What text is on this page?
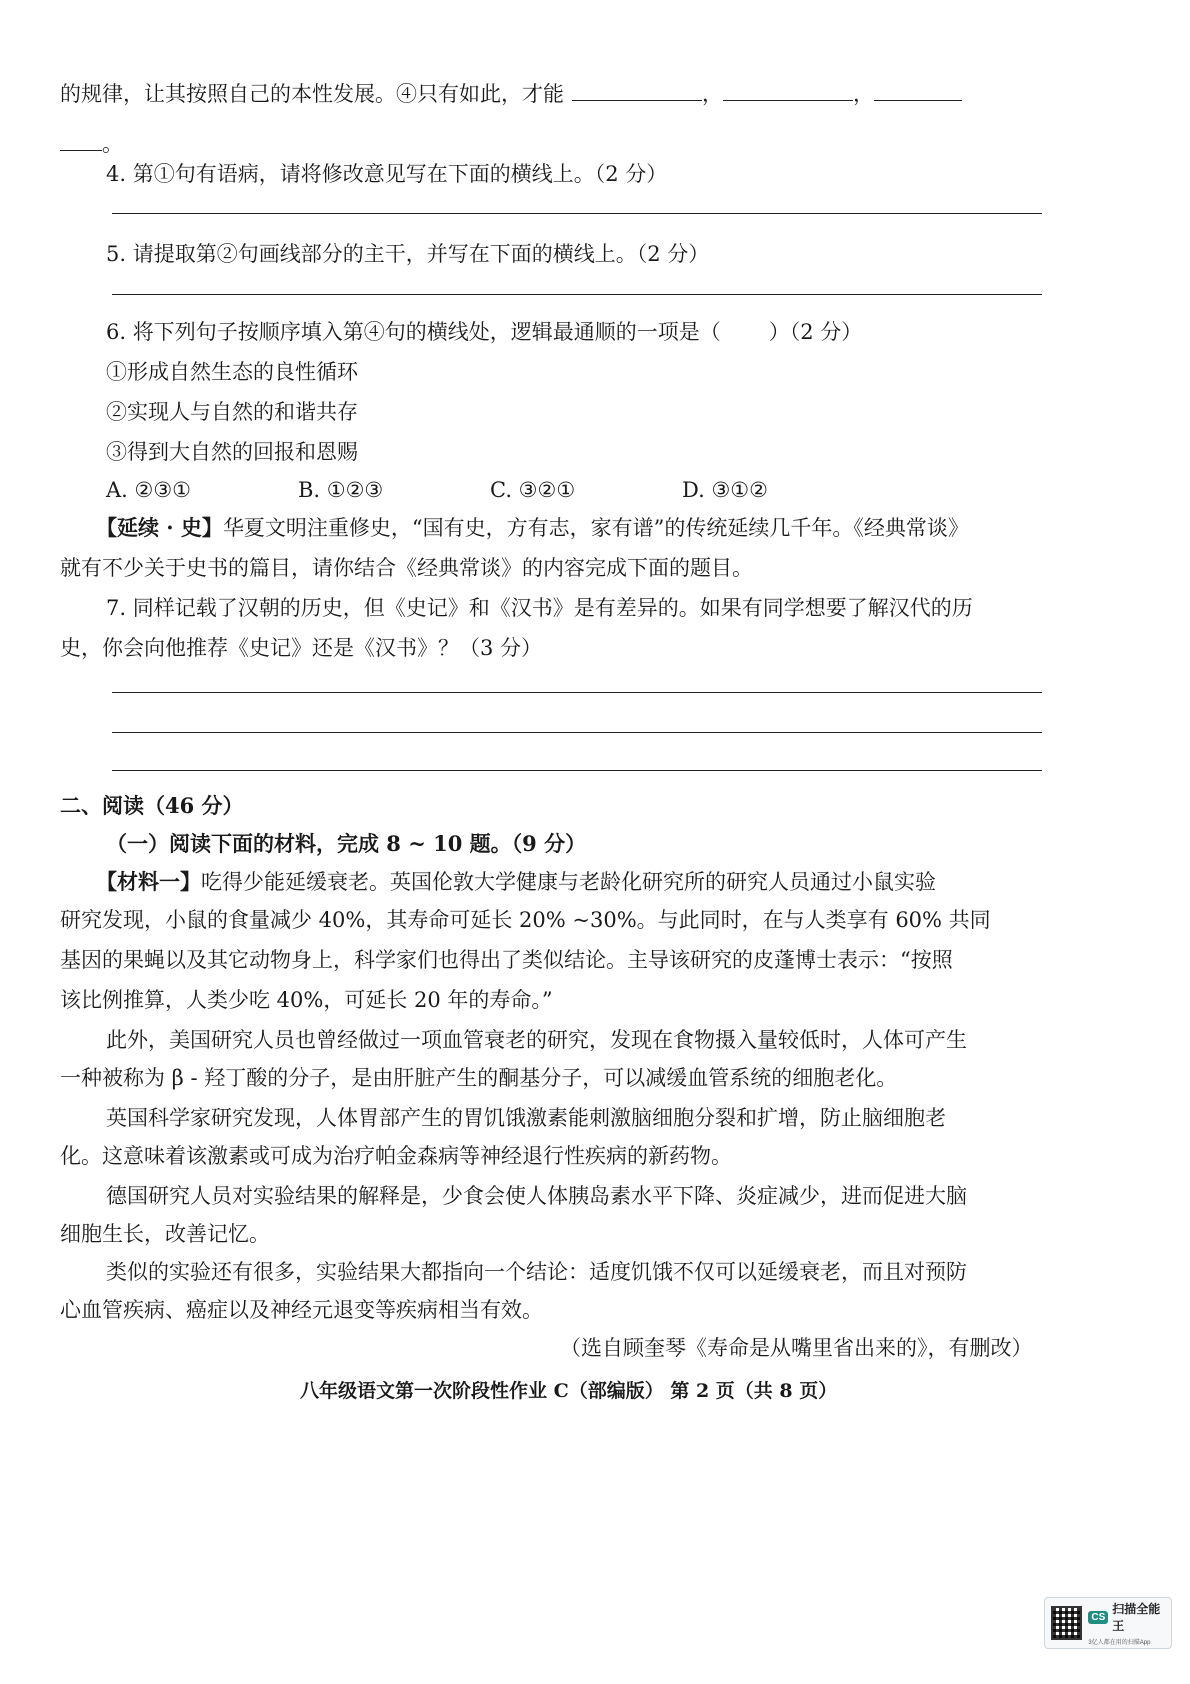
的规律，让其按照自己的本性发展。④只有如此，才能	，	，
。
4. 第①句有语病，请将修改意见写在下面的横线上。（2 分）
5. 请提取第②句画线部分的主干，并写在下面的横线上。（2 分）
6. 将下列句子按顺序填入第④句的横线处，逻辑最通顺的一项是（ ）（2 分）
①形成自然生态的良性循环
②实现人与自然的和谐共存
③得到大自然的回报和恩赐
A. ②③①	B. ①②③	C. ③②①	D. ③①②
【延续 · 史】华夏文明注重修史，“国有史，方有志，家有谱”的传统延续几千年。《经典常谈》
就有不少关于史书的篇目，请你结合《经典常谈》的内容完成下面的题目。
7. 同样记载了汉朝的历史，但《史记》和《汉书》是有差异的。如果有同学想要了解汉代的历
史，你会向他推荐《史记》还是《汉书》？（3 分）
二、阅读（46 分）
（一）阅读下面的材料，完成 8 ~ 10 题。（9 分）
【材料一】吃得少能延缓衰老。英国伦敦大学健康与老龄化研究所的研究人员通过小鼠实验
研究发现，小鼠的食量减少 40%，其寿命可延长 20% ~30%。与此同时，在与人类享有 60% 共同
基因的果蝇以及其它动物身上，科学家们也得出了类似结论。主导该研究的皮蓬博士表示：“按照
该比例推算，人类少吃 40%，可延长 20 年的寿命。”
此外，美国研究人员也曾经做过一项血管衰老的研究，发现在食物摄入量较低时，人体可产生
一种被称为 β - 羟丁酸的分子，是由肝脏产生的酮基分子，可以减缓血管系统的细胞老化。
英国科学家研究发现，人体胃部产生的胃饥饿激素能刺激脑细胞分裂和扩增，防止脑细胞老
化。这意味着该激素或可成为治疗帕金森病等神经退行性疾病的新药物。
德国研究人员对实验结果的解释是，少食会使人体胰岛素水平下降、炎症减少，进而促进大脑
细胞生长，改善记忆。
类似的实验还有很多，实验结果大都指向一个结论：适度饥饿不仅可以延缓衰老，而且对预防
心血管疾病、癌症以及神经元退变等疾病相当有效。
（选自顾奎琴《寿命是从嘴里省出来的》，有删改）
八年级语文第一次阶段性作业 C（部编版） 第 2 页（共 8 页）
CS
扫描全能王
3亿人都在用的扫描App
